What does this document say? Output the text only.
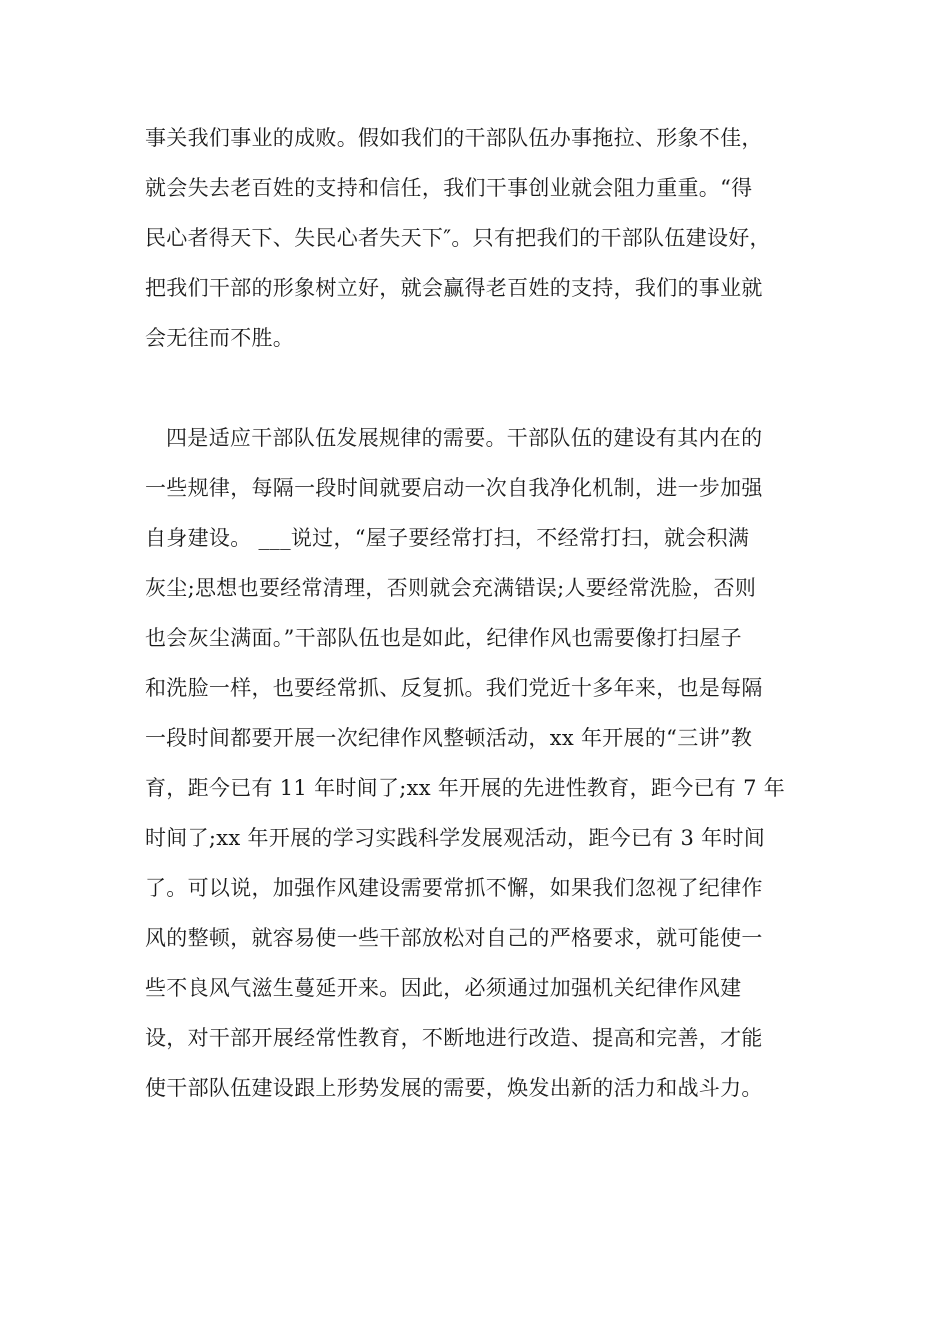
事关我们事业的成败。假如我们的干部队伍办事拖拉、形象不佳，
就会失去老百姓的支持和信任，我们干事创业就会阻力重重。“得
民心者得天下、失民心者失天下″。只有把我们的干部队伍建设好，
把我们干部的形象树立好，就会赢得老百姓的支持，我们的事业就
会无往而不胜。
四是适应干部队伍发展规律的需要。干部队伍的建设有其内在的
一些规律，每隔一段时间就要启动一次自我净化机制，进一步加强
自身建设。 ___说过，“屋子要经常打扫，不经常打扫，就会积满
灰尘;思想也要经常清理，否则就会充满错误;人要经常洗脸，否则
也会灰尘满面。”干部队伍也是如此，纪律作风也需要像打扫屋子
和洗脸一样，也要经常抓、反复抓。我们党近十多年来，也是每隔
一段时间都要开展一次纪律作风整顿活动，xx 年开展的“三讲”教
育，距今已有 11 年时间了;xx 年开展的先进性教育，距今已有 7 年
时间了;xx 年开展的学习实践科学发展观活动，距今已有 3 年时间
了。可以说，加强作风建设需要常抓不懈，如果我们忽视了纪律作
风的整顿，就容易使一些干部放松对自己的严格要求，就可能使一
些不良风气滋生蔓延开来。因此，必须通过加强机关纪律作风建
设，对干部开展经常性教育，不断地进行改造、提高和完善，才能
使干部队伍建设跟上形势发展的需要，焕发出新的活力和战斗力。
